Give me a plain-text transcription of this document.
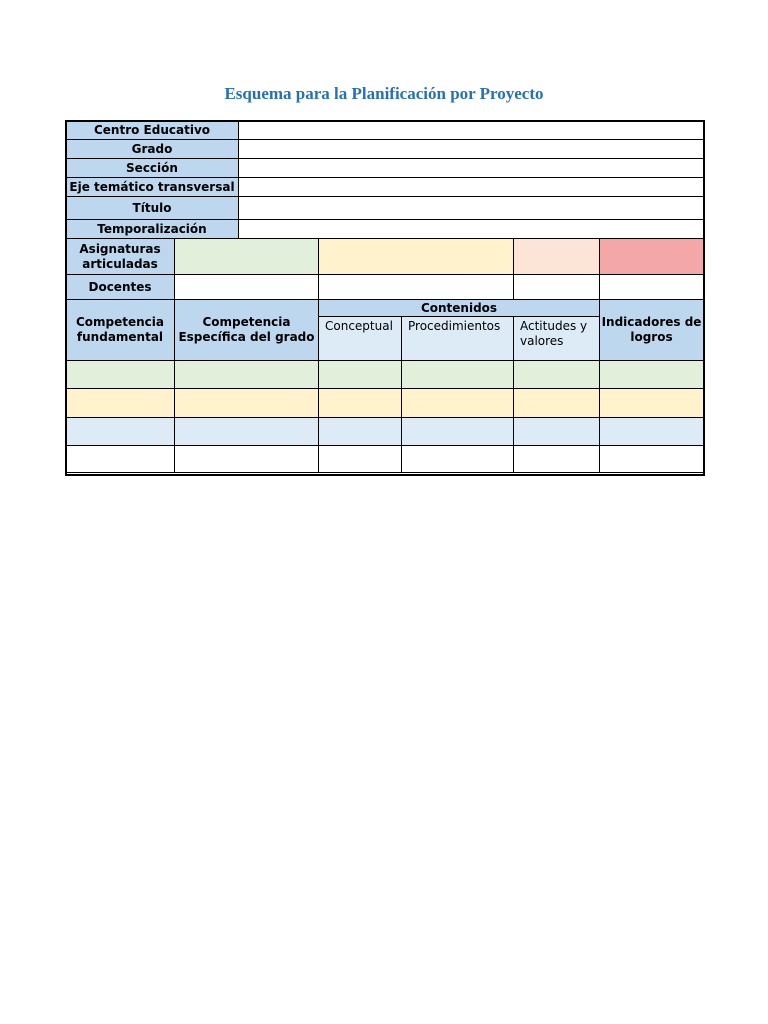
Esquema para la Planificación por Proyecto
Centro Educativo	
Grado	
Sección	
Eje temático transversal	
Título	
Temporalización	
Asignaturas articuladas					
Docentes					
Competencia fundamental	Competencia Específica del grado	Contenidos			Indicadores de logros
		Conceptual	Procedimientos	Actitudes y valores	
